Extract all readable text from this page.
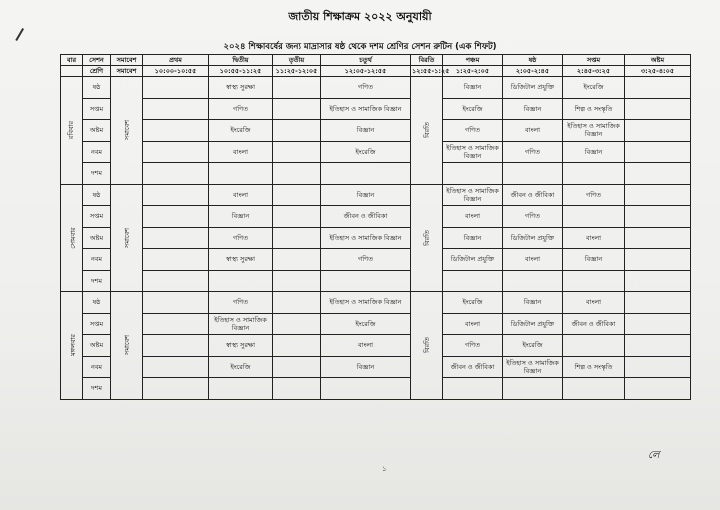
জাতীয় শিক্ষাক্রম ২০২২ অনুযায়ী
২০২৪ শিক্ষাবর্ষের জন্য মাদ্রাসার ষষ্ঠ থেকে দশম শ্রেণির সেশন রুটিন (এক শিফট)
বার	সেশন	সমাবেশ	প্রথম	দ্বিতীয়	তৃতীয়	চতুর্থ	বিরতি	পঞ্চম	ষষ্ঠ	সপ্তম	অষ্টম
	শ্রেণি	সমাবেশ	১০:০০-১০:৫৫	১০:৫৫-১১:২৫	১১:২৫-১২:০৫	১২:০৫-১২:৫৫	১২:৫৫-১:২৫	১:২৫-২:০৫	২:০৫-২:৪৫	২:৪৫-৩:২৫	৩:২৫-৪:০৫
রবিবার	ষষ্ঠ	সমাবেশ		স্বাস্থ্য সুরক্ষা		গণিত	বিরতি	বিজ্ঞান	ডিজিটাল প্রযুক্তি	ইংরেজি	
	সপ্তম			গণিত		ইতিহাস ও সামাজিক বিজ্ঞান		ইংরেজি	বিজ্ঞান	শিল্প ও সংস্কৃতি	
	অষ্টম			ইংরেজি		বিজ্ঞান		গণিত	বাংলা	ইতিহাস ও সামাজিক বিজ্ঞান	
	নবম			বাংলা		ইংরেজি		ইতিহাস ও সামাজিক বিজ্ঞান	গণিত	বিজ্ঞান	
	দশম										
সোমবার	ষষ্ঠ	সমাবেশ		বাংলা		বিজ্ঞান	বিরতি	ইতিহাস ও সামাজিক বিজ্ঞান	জীবন ও জীবিকা	গণিত	
	সপ্তম			বিজ্ঞান		জীবন ও জীবিকা		বাংলা	গণিত		
	অষ্টম			গণিত		ইতিহাস ও সামাজিক বিজ্ঞান		বিজ্ঞান	ডিজিটাল প্রযুক্তি	বাংলা	
	নবম			স্বাস্থ্য সুরক্ষা		গণিত		ডিজিটাল প্রযুক্তি	বাংলা	বিজ্ঞান	
	দশম										
মঙ্গলবার	ষষ্ঠ	সমাবেশ		গণিত		ইতিহাস ও সামাজিক বিজ্ঞান	বিরতি	ইংরেজি	বিজ্ঞান	বাংলা	
	সপ্তম			ইতিহাস ও সামাজিক বিজ্ঞান		ইংরেজি		বাংলা	ডিজিটাল প্রযুক্তি	জীবন ও জীবিকা	
	অষ্টম			স্বাস্থ্য সুরক্ষা		বাংলা		গণিত	ইংরেজি		
	নবম			ইংরেজি		বিজ্ঞান		জীবন ও জীবিকা	ইতিহাস ও সামাজিক বিজ্ঞান	শিল্প ও সংস্কৃতি	
	দশম										
১
লে
